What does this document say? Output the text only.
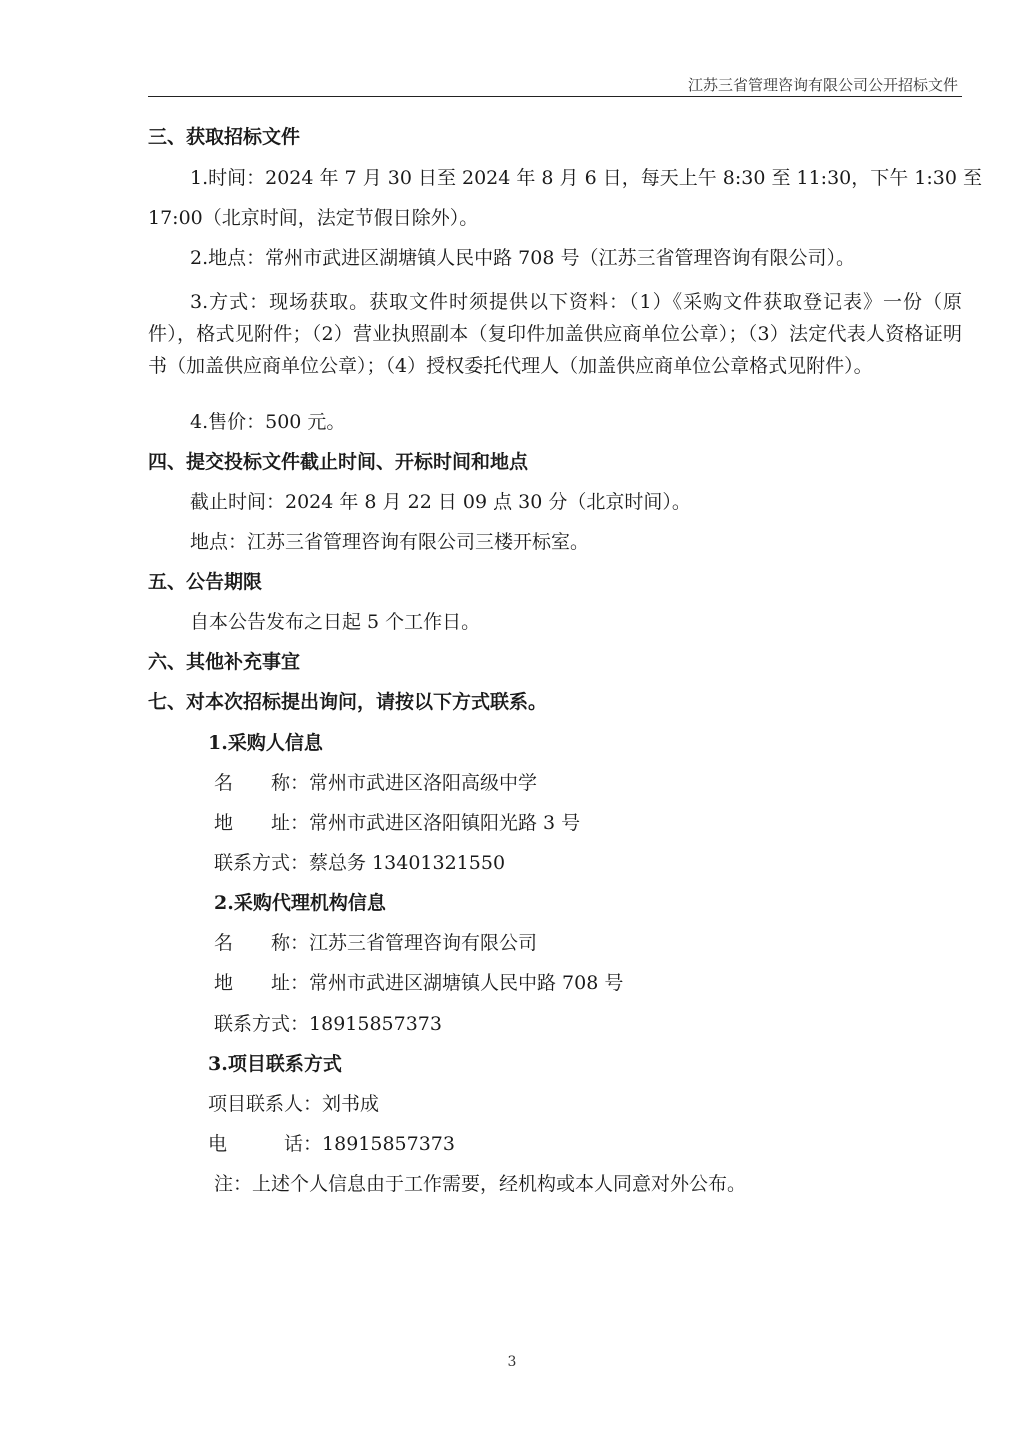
江苏三省管理咨询有限公司公开招标文件
三、获取招标文件
1.时间：2024 年 7 月 30 日至 2024 年 8 月 6 日，每天上午 8:30 至 11:30，下午 1:30 至
17:00（北京时间，法定节假日除外）。
2.地点：常州市武进区湖塘镇人民中路 708 号（江苏三省管理咨询有限公司）。
3.方式：现场获取。获取文件时须提供以下资料：（1）《采购文件获取登记表》一份（原件），格式见附件；（2）营业执照副本（复印件加盖供应商单位公章）；（3）法定代表人资格证明书（加盖供应商单位公章）；（4）授权委托代理人（加盖供应商单位公章格式见附件）。
4.售价：500 元。
四、提交投标文件截止时间、开标时间和地点
截止时间：2024 年 8 月 22 日 09 点 30 分（北京时间）。
地点：江苏三省管理咨询有限公司三楼开标室。
五、公告期限
自本公告发布之日起 5 个工作日。
六、其他补充事宜
七、对本次招标提出询问，请按以下方式联系。
1.采购人信息
名　　称：常州市武进区洛阳高级中学
地　　址：常州市武进区洛阳镇阳光路 3 号
联系方式：蔡总务 13401321550
2.采购代理机构信息
名　　称：江苏三省管理咨询有限公司
地　　址：常州市武进区湖塘镇人民中路 708 号
联系方式：18915857373
3.项目联系方式
项目联系人：刘书成
电　　　话：18915857373
注：上述个人信息由于工作需要，经机构或本人同意对外公布。
3
